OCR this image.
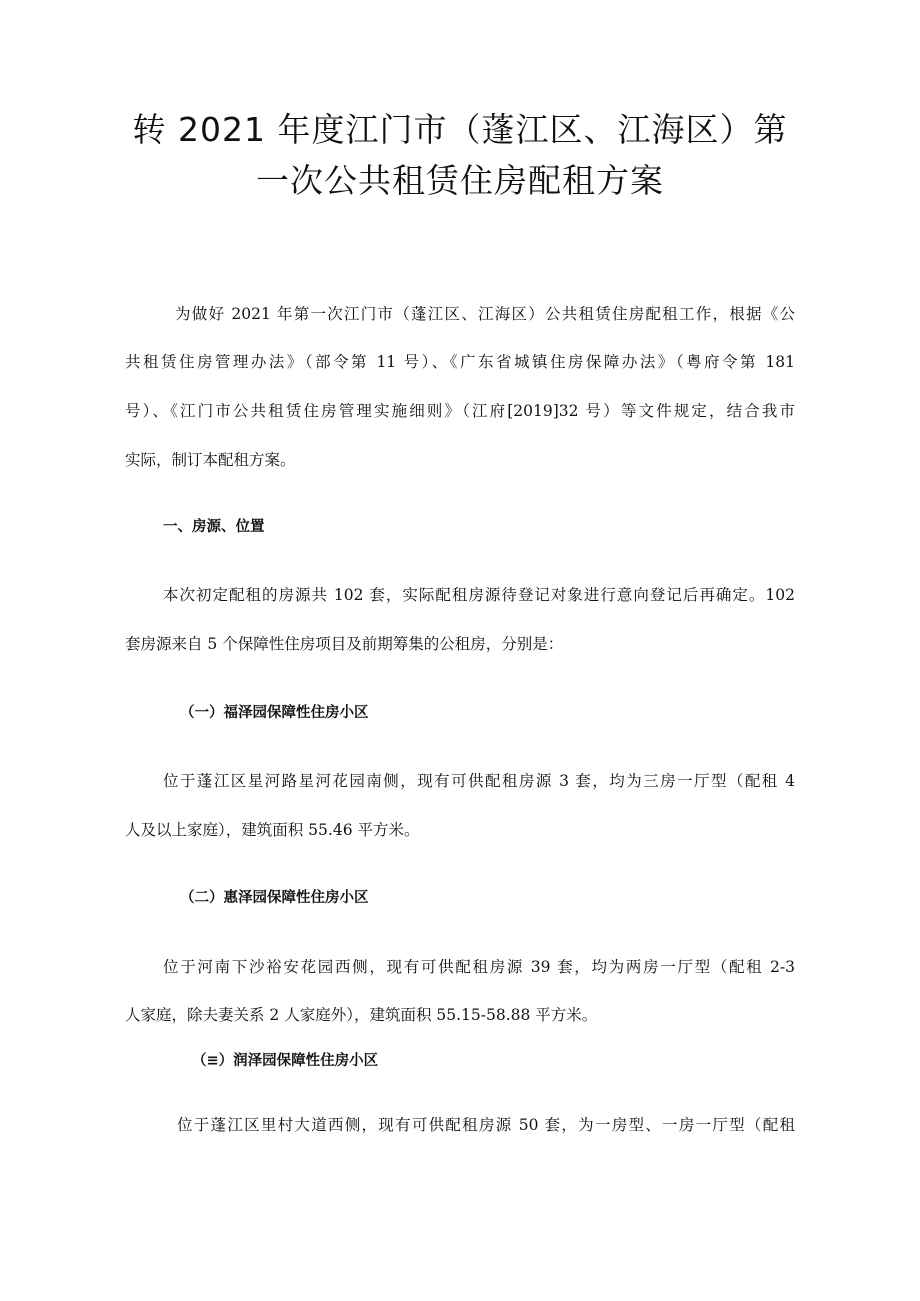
转 2021 年度江门市（蓬江区、江海区）第
一次公共租赁住房配租方案

为做好 2021 年第一次江门市（蓬江区、江海区）公共租赁住房配租工作，根据《公

共租赁住房管理办法》（部令第 11 号）、《广东省城镇住房保障办法》（粤府令第 181

号）、《江门市公共租赁住房管理实施细则》（江府[2019]32 号）等文件规定，结合我市

实际，制订本配租方案。

一、房源、位置

本次初定配租的房源共 102 套，实际配租房源待登记对象进行意向登记后再确定。102

套房源来自 5 个保障性住房项目及前期筹集的公租房，分别是：

（一）福泽园保障性住房小区

位于蓬江区星河路星河花园南侧，现有可供配租房源 3 套，均为三房一厅型（配租 4

人及以上家庭），建筑面积 55.46 平方米。

（二）惠泽园保障性住房小区

位于河南下沙裕安花园西侧，现有可供配租房源 39 套，均为两房一厅型（配租 2-3

人家庭，除夫妻关系 2 人家庭外），建筑面积 55.15-58.88 平方米。

（≡）润泽园保障性住房小区

位于蓬江区里村大道西侧，现有可供配租房源 50 套，为一房型、一房一厅型（配租
